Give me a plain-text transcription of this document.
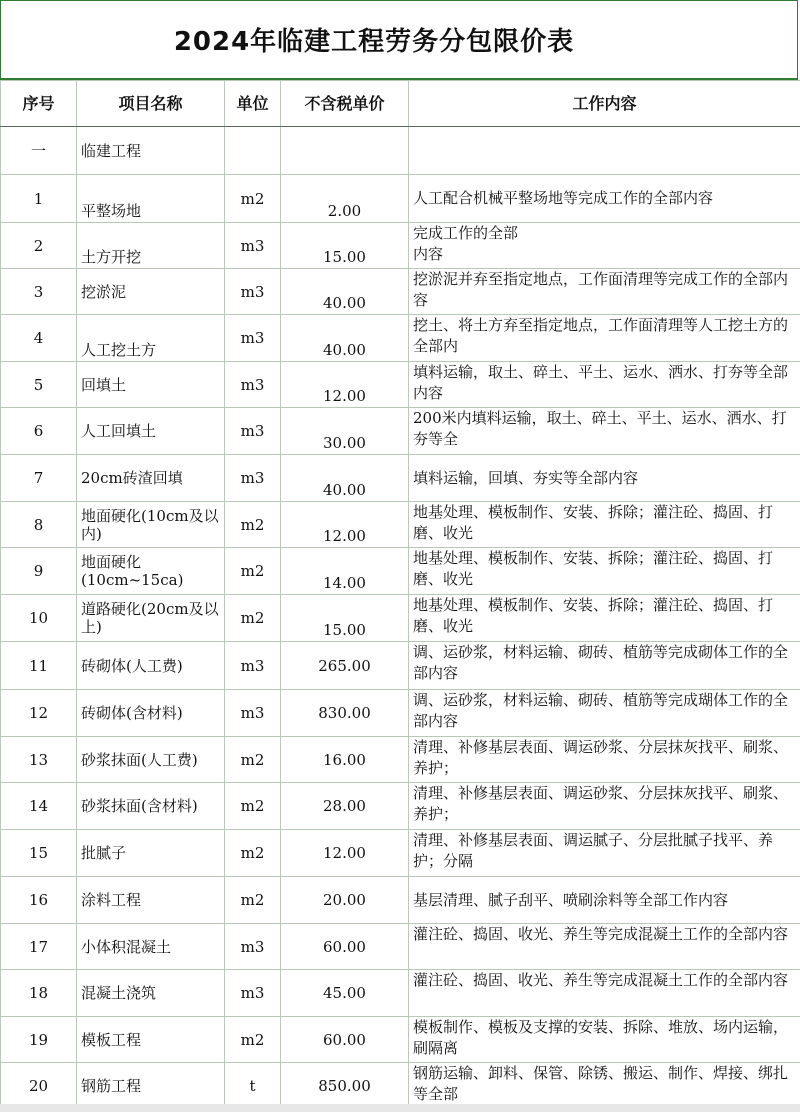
2024年临建工程劳务分包限价表
序号	项目名称	单位	不含税单价	工作内容
一	临建工程			
1	平整场地	m2	2.00	人工配合机械平整场地等完成工作的全部内容
2	土方开挖	m3	15.00	完成工作的全部
内容
3	挖淤泥	m3	40.00	挖淤泥并弃至指定地点，工作面清理等完成工作的全部内容
4	人工挖土方	m3	40.00	挖土、将土方弃至指定地点，工作面清理等人工挖土方的全部内
5	回填土	m3	12.00	填料运输，取土、碎土、平土、运水、洒水、打夯等全部内容
6	人工回填土	m3	30.00	200米内填料运输，取土、碎土、平土、运水、洒水、打夯等全
7	20cm砖渣回填	m3	40.00	填料运输，回填、夯实等全部内容
8	地面硬化(10cm及以内)	m2	12.00	地基处理、模板制作、安装、拆除；灌注砼、捣固、打磨、收光
9	地面硬化(10cm~15ca)	m2	14.00	地基处理、模板制作、安装、拆除；灌注砼、捣固、打磨、收光
10	道路硬化(20cm及以上)	m2	15.00	地基处理、模板制作、安装、拆除；灌注砼、捣固、打磨、收光
11	砖砌体(人工费)	m3	265.00	调、运砂浆，材料运输、砌砖、植筋等完成砌体工作的全部内容
12	砖砌体(含材料)	m3	830.00	调、运砂浆，材料运输、砌砖、植筋等完成瑚体工作的全部内容
13	砂浆抹面(人工费)	m2	16.00	清理、补修基层表面、调运砂浆、分层抹灰找平、刷浆、养护；
14	砂浆抹面(含材料)	m2	28.00	清理、补修基层表面、调运砂浆、分层抹灰找平、刷浆、养护；
15	批腻子	m2	12.00	清理、补修基层表面、调运腻子、分层批腻子找平、养护；分隔
16	涂料工程	m2	20.00	基层清理、腻子刮平、喷刷涂料等全部工作内容
17	小体积混凝土	m3	60.00	灌注砼、捣固、收光、养生等完成混凝土工作的全部内容
18	混凝土浇筑	m3	45.00	灌注砼、捣固、收光、养生等完成混凝土工作的全部内容
19	模板工程	m2	60.00	模板制作、模板及支撑的安装、拆除、堆放、场内运输，刷隔离
20	钢筋工程	t	850.00	钢筋运输、卸料、保管、除锈、搬运、制作、焊接、绑扎等全部
